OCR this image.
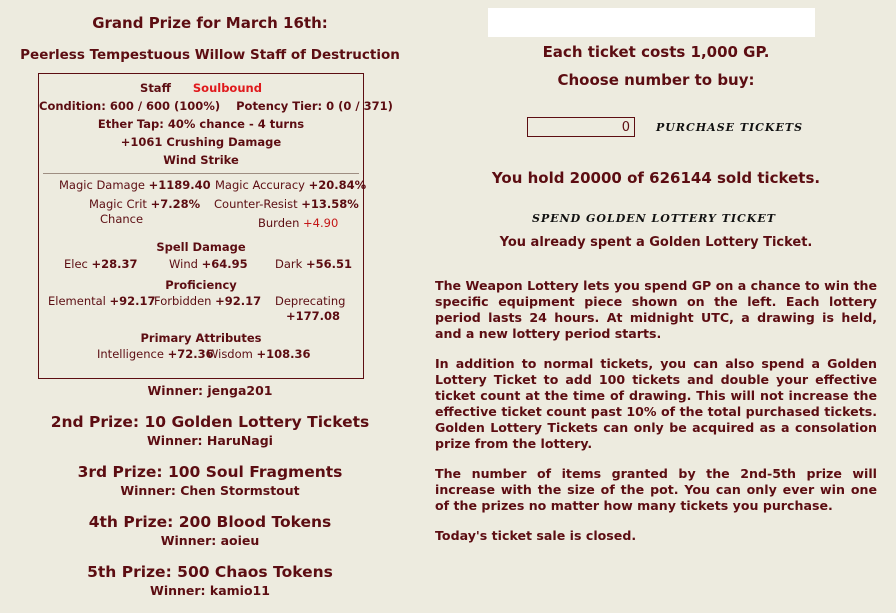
Grand Prize for March 16th:
Peerless Tempestuous Willow Staff of Destruction
Staff Soulbound
Condition: 600 / 600 (100%) Potency Tier: 0 (0 / 371)
Ether Tap: 40% chance - 4 turns
+1061 Crushing Damage
Wind Strike
Magic Damage +1189.40 Magic Accuracy +20.84%
Magic Crit +7.28%
Chance
Counter-Resist +13.58%
Burden +4.90
Spell Damage
Elec +28.37	Wind +64.95 Dark +56.51
Proficiency
Elemental +92.17
Forbidden +92.17 Deprecating
+177.08
Primary Attributes
Intelligence +72.36
Wisdom +108.36
Winner: jenga201
2nd Prize: 10 Golden Lottery Tickets
Winner: HaruNagi
3rd Prize: 100 Soul Fragments
Winner: Chen Stormstout
4th Prize: 200 Blood Tokens
Winner: aoieu
5th Prize: 500 Chaos Tokens
Winner: kamio11
Each ticket costs 1,000 GP.
Choose number to buy:
0
PURCHASE TICKETS
You hold 20000 of 626144 sold tickets.
SPEND GOLDEN LOTTERY TICKET
You already spent a Golden Lottery Ticket.
The Weapon Lottery lets you spend GP on a chance to win the specific equipment piece shown on the left. Each lottery period lasts 24 hours. At midnight UTC, a drawing is held, and a new lottery period starts.
In addition to normal tickets, you can also spend a Golden Lottery Ticket to add 100 tickets and double your effective ticket count at the time of drawing. This will not increase the effective ticket count past 10% of the total purchased tickets. Golden Lottery Tickets can only be acquired as a consolation prize from the lottery.
The number of items granted by the 2nd-5th prize will increase with the size of the pot. You can only ever win one of the prizes no matter how many tickets you purchase.
Today's ticket sale is closed.
